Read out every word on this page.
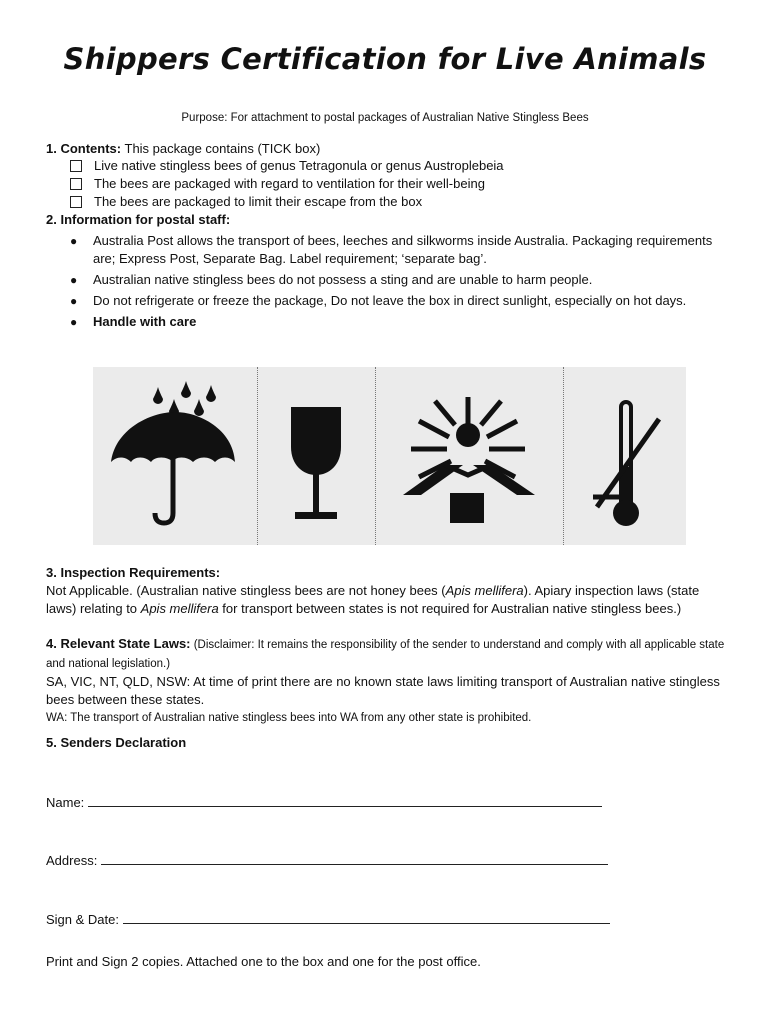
Shippers Certification for Live Animals
Purpose: For attachment to postal packages of Australian Native Stingless Bees
1. Contents: This package contains (TICK box)
Live native stingless bees of genus Tetragonula or genus Austroplebeia
The bees are packaged with regard to ventilation for their well-being
The bees are packaged to limit their escape from the box
2. Information for postal staff:
●	Australia Post allows the transport of bees, leeches and silkworms inside Australia. Packaging requirements are; Express Post, Separate Bag. Label requirement; ‘separate bag’.
●	Australian native stingless bees do not possess a sting and are unable to harm people.
●	Do not refrigerate or freeze the package, Do not leave the box in direct sunlight, especially on hot days.
●	Handle with care
3. Inspection Requirements:
Not Applicable. (Australian native stingless bees are not honey bees (Apis mellifera). Apiary inspection laws (state laws) relating to Apis mellifera for transport between states is not required for Australian native stingless bees.)
4. Relevant State Laws: (Disclaimer: It remains the responsibility of the sender to understand and comply with all applicable state and national legislation.)
SA, VIC, NT, QLD, NSW: At time of print there are no known state laws limiting transport of Australian native stingless bees between these states.
WA: The transport of Australian native stingless bees into WA from any other state is prohibited.
5. Senders Declaration
Name:
Address:
Sign & Date:
Print and Sign 2 copies. Attached one to the box and one for the post office.
